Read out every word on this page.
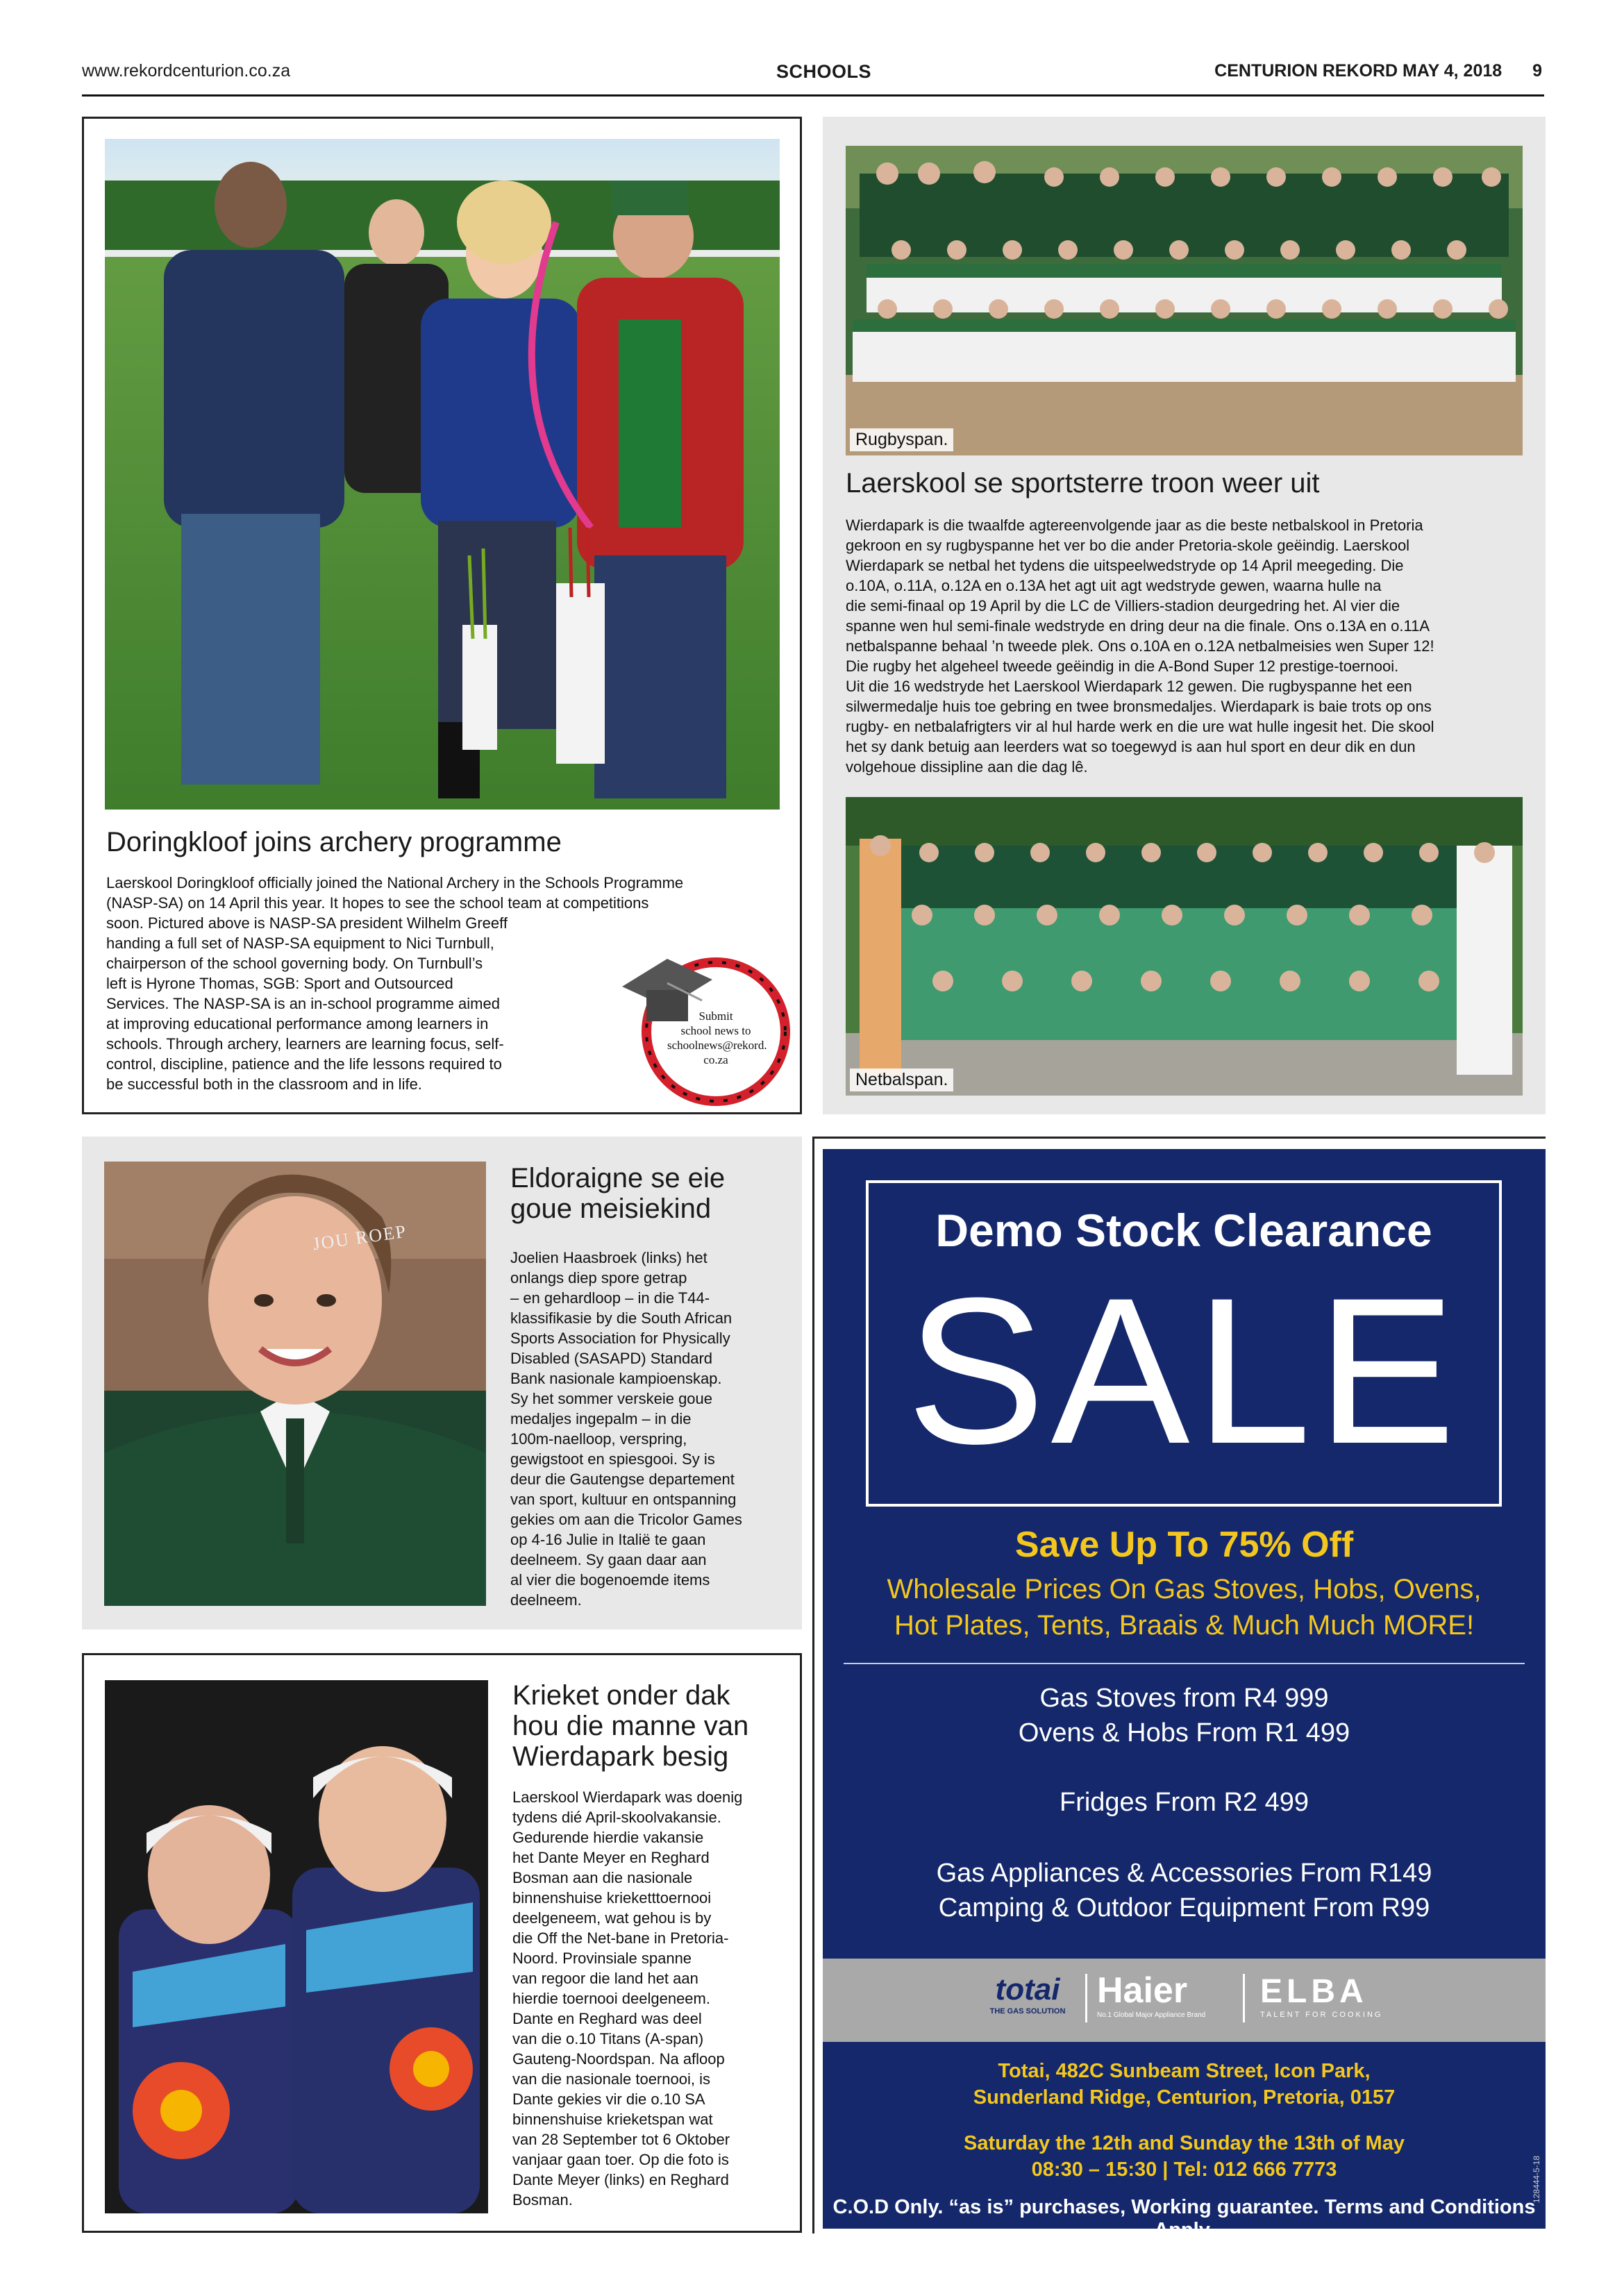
www.rekordcenturion.co.za	SCHOOLS	CENTURION REKORD MAY 4, 2018 9
Doringkloof joins archery programme
Laerskool Doringkloof officially joined the National Archery in the Schools Programme
(NASP-SA) on 14 April this year. It hopes to see the school team at competitions
soon. Pictured above is NASP-SA president Wilhelm Greeff
handing a full set of NASP-SA equipment to Nici Turnbull,
chairperson of the school governing body. On Turnbull’s
left is Hyrone Thomas, SGB: Sport and Outsourced
Services. The NASP-SA is an in-school programme aimed
at improving educational performance among learners in
schools. Through archery, learners are learning focus, self-
control, discipline, patience and the life lessons required to
be successful both in the classroom and in life.
Submit
school news to
schoolnews@rekord.
co.za
Rugbyspan.
Laerskool se sportsterre troon weer uit
Wierdapark is die twaalfde agtereenvolgende jaar as die beste netbalskool in Pretoria
gekroon en sy rugbyspanne het ver bo die ander Pretoria-skole geëindig. Laerskool
Wierdapark se netbal het tydens die uitspeelwedstryde op 14 April meegeding. Die
o.10A, o.11A, o.12A en o.13A het agt uit agt wedstryde gewen, waarna hulle na
die semi-finaal op 19 April by die LC de Villiers-stadion deurgedring het. Al vier die
spanne wen hul semi-finale wedstryde en dring deur na die finale. Ons o.13A en o.11A
netbalspanne behaal ’n tweede plek. Ons o.10A en o.12A netbalmeisies wen Super 12!
Die rugby het algeheel tweede geëindig in die A-Bond Super 12 prestige-toernooi.
Uit die 16 wedstryde het Laerskool Wierdapark 12 gewen. Die rugbyspanne het een
silwermedalje huis toe gebring en twee bronsmedaljes. Wierdapark is baie trots op ons
rugby- en netbalafrigters vir al hul harde werk en die ure wat hulle ingesit het. Die skool
het sy dank betuig aan leerders wat so toegewyd is aan hul sport en deur dik en dun
volgehoue dissipline aan die dag lê.
Netbalspan.
JOU ROEP
Eldoraigne se eie
goue meisiekind
Joelien Haasbroek (links) het
onlangs diep spore getrap
– en gehardloop – in die T44-
klassifikasie by die South African
Sports Association for Physically
Disabled (SASAPD) Standard
Bank nasionale kampioenskap.
Sy het sommer verskeie goue
medaljes ingepalm – in die
100m-naelloop, verspring,
gewigstoot en spiesgooi. Sy is
deur die Gautengse departement
van sport, kultuur en ontspanning
gekies om aan die Tricolor Games
op 4-16 Julie in Italië te gaan
deelneem. Sy gaan daar aan
al vier die bogenoemde items
deelneem.
Krieket onder dak
hou die manne van
Wierdapark besig
Laerskool Wierdapark was doenig
tydens dié April-skoolvakansie.
Gedurende hierdie vakansie
het Dante Meyer en Reghard
Bosman aan die nasionale
binnenshuise krieketttoernooi
deelgeneem, wat gehou is by
die Off the Net-bane in Pretoria-
Noord. Provinsiale spanne
van regoor die land het aan
hierdie toernooi deelgeneem.
Dante en Reghard was deel
van die o.10 Titans (A-span)
Gauteng-Noordspan. Na afloop
van die nasionale toernooi, is
Dante gekies vir die o.10 SA
binnenshuise krieketspan wat
van 28 September tot 6 Oktober
vanjaar gaan toer. Op die foto is
Dante Meyer (links) en Reghard
Bosman.
Demo Stock Clearance
SALE
Save Up To 75% Off
Wholesale Prices On Gas Stoves, Hobs, Ovens,
Hot Plates, Tents, Braais & Much Much MORE!
Gas Stoves from R4 999
Ovens & Hobs From R1 499
Fridges From R2 499
Gas Appliances & Accessories From R149
Camping & Outdoor Equipment From R99
totai
THE GAS SOLUTION
Haier
No.1 Global Major Appliance Brand
ELBA
TALENT FOR COOKING
Totai, 482C Sunbeam Street, Icon Park,
Sunderland Ridge, Centurion, Pretoria, 0157
Saturday the 12th and Sunday the 13th of May
08:30 – 15:30 | Tel: 012 666 7773
C.O.D Only. “as is” purchases, Working guarantee. Terms and Conditions Apply.
128444-5-18
